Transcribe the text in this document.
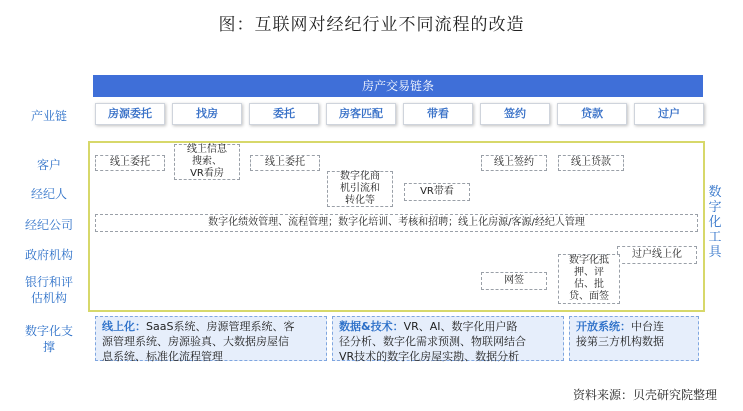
图：互联网对经纪行业不同流程的改造
房产交易链条
产业链
客户
经纪人
经纪公司
政府机构
银行和评
估机构
数字化支
撑
房源委托	找房	委托	房客匹配	带看	签约	贷款	过户
线上委托
线上信息
搜索、
VR看房
线上委托	线上签约	线上贷款
数字化商
机引流和
转化等
VR带看
数字化绩效管理、流程管理；数字化培训、考核和招聘；线上化房源/客源/经纪人管理
过户线上化
网签
数字化抵
押、评
估、批
贷、面签
数
字
化
工
具
线上化：SaaS系统、房源管理系统、客
源管理系统、房源验真、大数据房屋信
息系统、标准化流程管理
数据&技术：VR、AI、数字化用户路
径分析、数字化需求预测、物联网结合
VR技术的数字化房屋实勘、数据分析
开放系统：中台连
接第三方机构数据
资料来源：贝壳研究院整理
